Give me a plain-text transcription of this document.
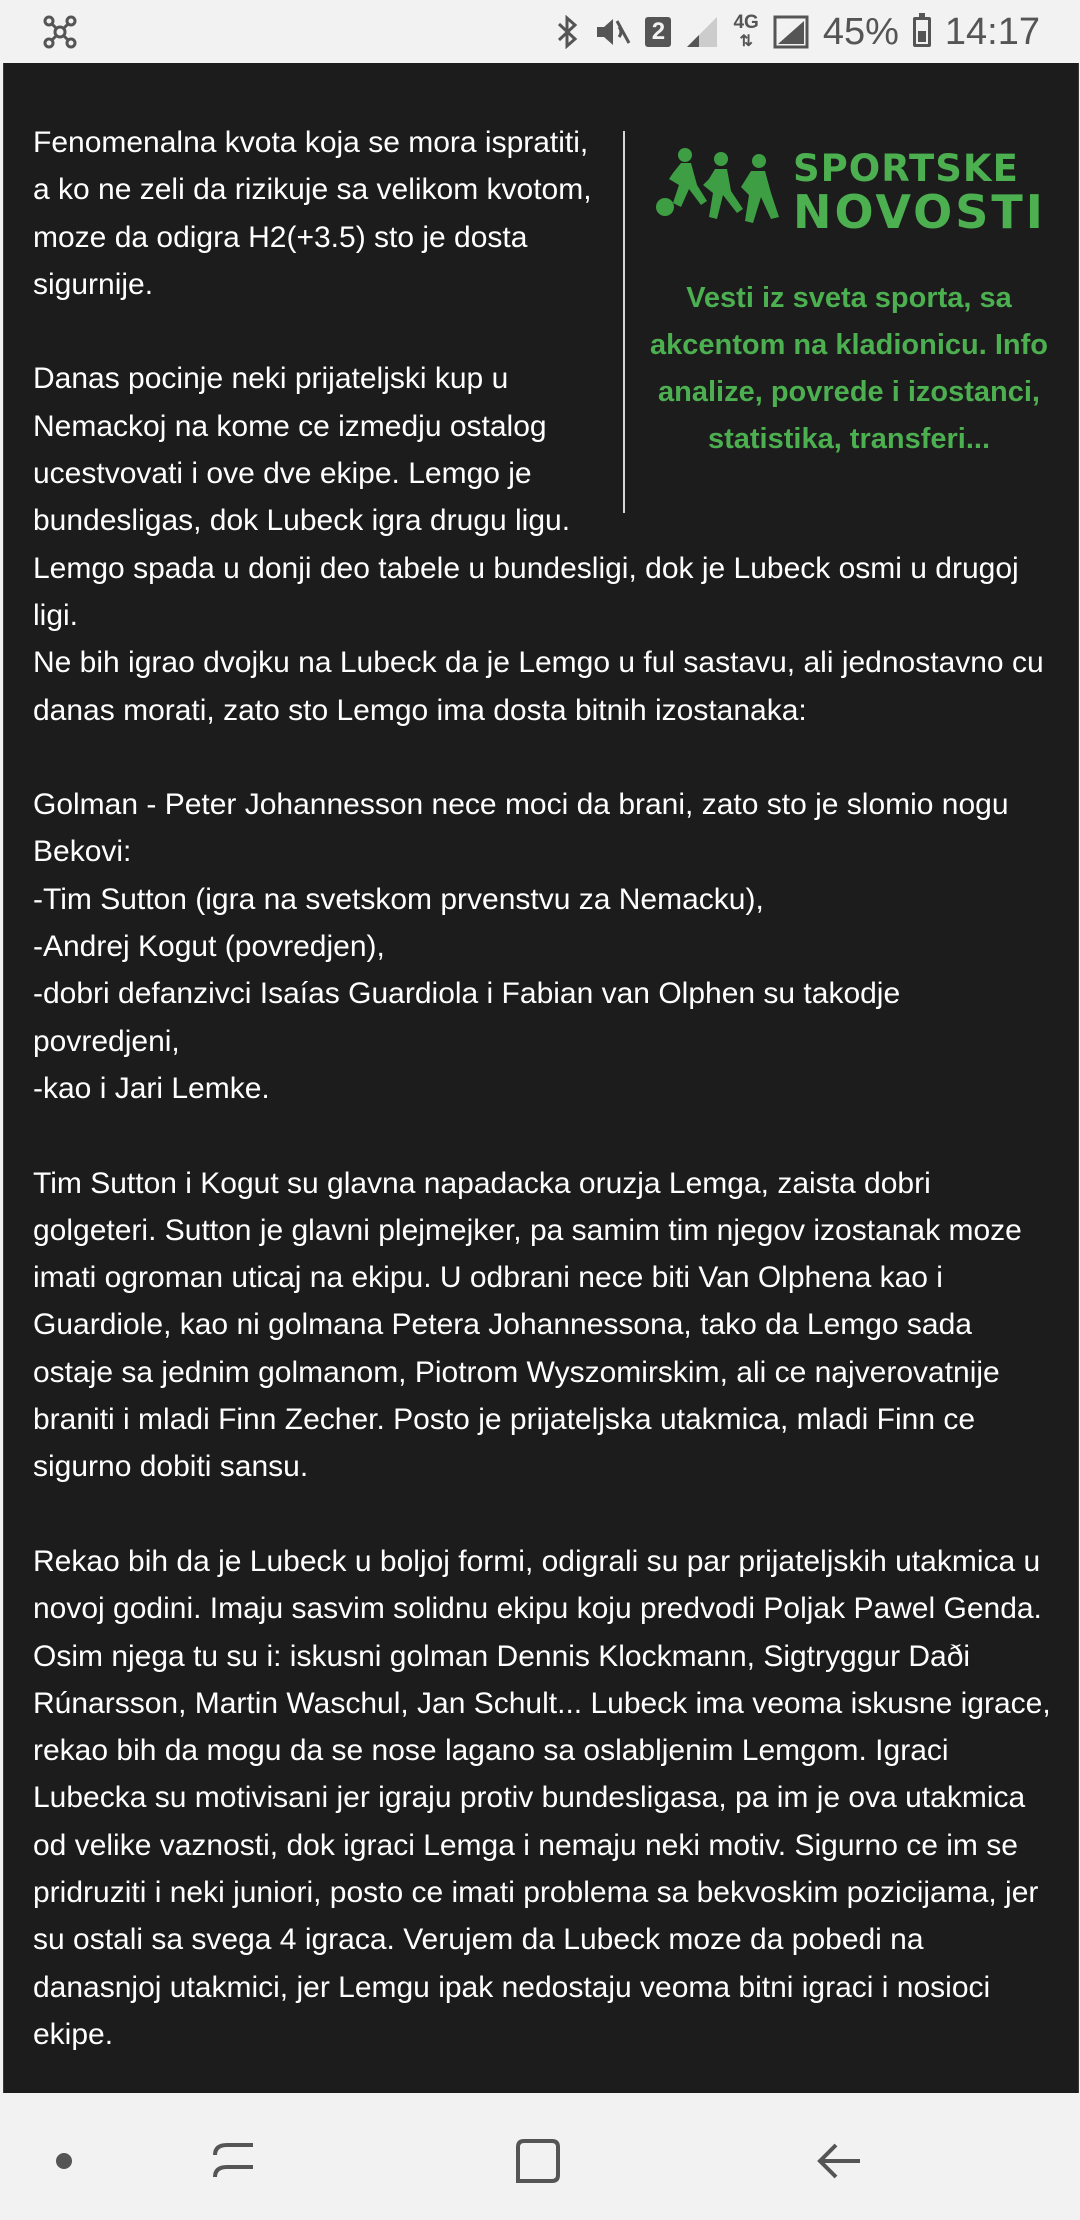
2	4G
⇅ 45% 14:17
SPORTSKE
NOVOSTI
Vesti iz sveta sporta, sa akcentom na kladionicu. Info analize, povrede i izostanci, statistika, transferi...

Fenomenalna kvota koja se mora ispratiti, a ko ne zeli da rizikuje sa velikom kvotom, moze da odigra H2(+3.5) sto je dosta sigurnije.

Danas pocinje neki prijateljski kup u Nemackoj na kome ce izmedju ostalog ucestvovati i ove dve ekipe. Lemgo je bundesligas, dok Lubeck igra drugu ligu.

Lemgo spada u donji deo tabele u bundesligi, dok je Lubeck osmi u drugoj ligi.

Ne bih igrao dvojku na Lubeck da je Lemgo u ful sastavu, ali jednostavno cu danas morati, zato sto Lemgo ima dosta bitnih izostanaka:

Golman - Peter Johannesson nece moci da brani, zato sto je slomio nogu

Bekovi:

-Tim Sutton (igra na svetskom prvenstvu za Nemacku),

-Andrej Kogut (povredjen),

-dobri defanzivci Isaías Guardiola i Fabian van Olphen su takodje povredjeni,

-kao i Jari Lemke.

Tim Sutton i Kogut su glavna napadacka oruzja Lemga, zaista dobri golgeteri. Sutton je glavni plejmejker, pa samim tim njegov izostanak moze imati ogroman uticaj na ekipu. U odbrani nece biti Van Olphena kao i Guardiole, kao ni golmana Petera Johannessona, tako da Lemgo sada ostaje sa jednim golmanom, Piotrom Wyszomirskim, ali ce najverovatnije braniti i mladi Finn Zecher. Posto je prijateljska utakmica, mladi Finn ce sigurno dobiti sansu.

Rekao bih da je Lubeck u boljoj formi, odigrali su par prijateljskih utakmica u novoj godini. Imaju sasvim solidnu ekipu koju predvodi Poljak Pawel Genda. Osim njega tu su i: iskusni golman Dennis Klockmann, Sigtryggur Daði Rúnarsson, Martin Waschul, Jan Schult... Lubeck ima veoma iskusne igrace, rekao bih da mogu da se nose lagano sa oslabljenim Lemgom. Igraci Lubecka su motivisani jer igraju protiv bundesligasa, pa im je ova utakmica od velike vaznosti, dok igraci Lemga i nemaju neki motiv. Sigurno ce im se pridruziti i neki juniori, posto ce imati problema sa bekvoskim pozicijama, jer su ostali sa svega 4 igraca. Verujem da Lubeck moze da pobedi na danasnjoj utakmici, jer Lemgu ipak nedostaju veoma bitni igraci i nosioci ekipe.
